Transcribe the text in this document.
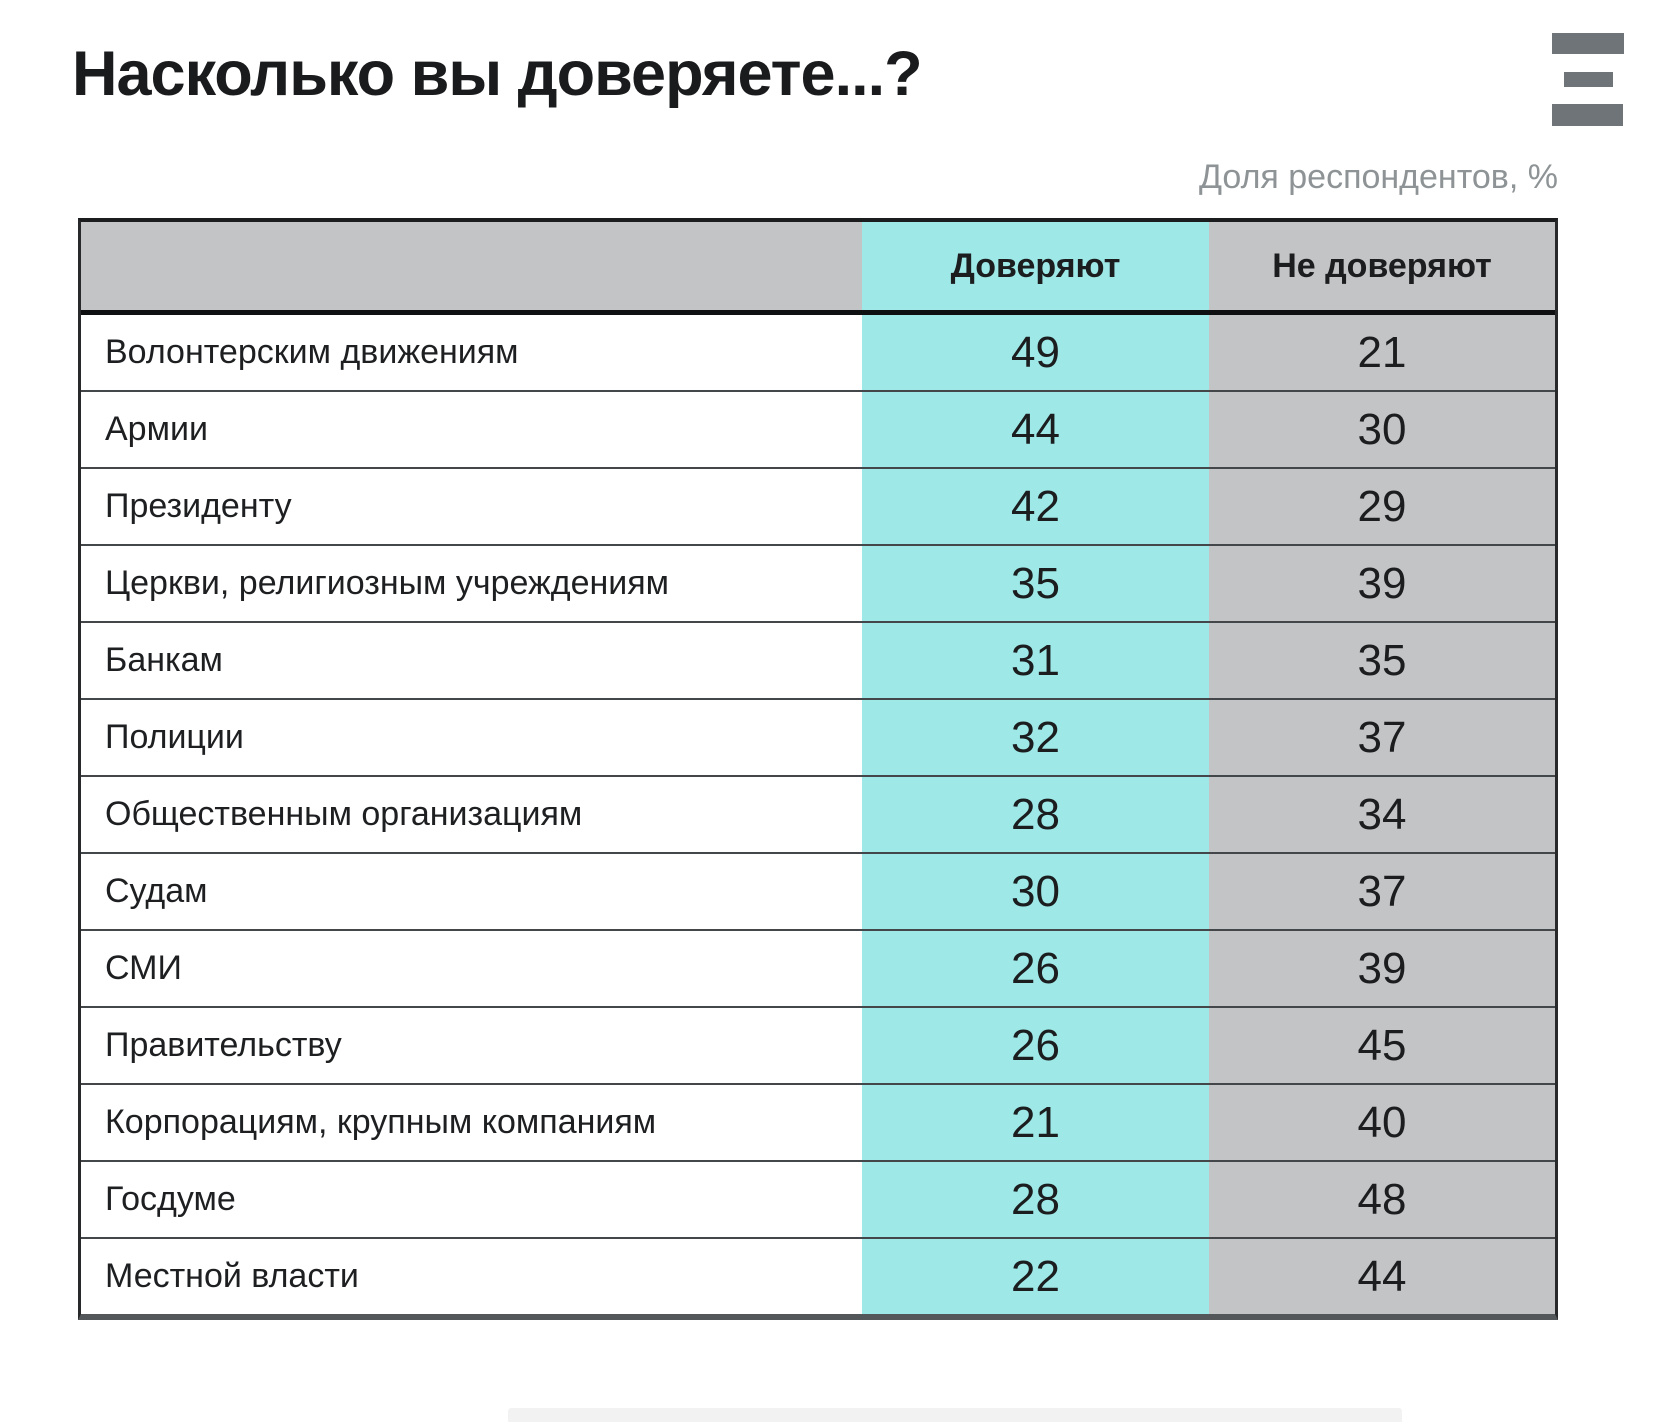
Насколько вы доверяете...?
Доля респондентов, %
Доверяют	Не доверяют
Волонтерским движениям	49	21
Армии	44	30
Президенту	42	29
Церкви, религиозным учреждениям	35	39
Банкам	31	35
Полиции	32	37
Общественным организациям	28	34
Судам	30	37
СМИ	26	39
Правительству	26	45
Корпорациям, крупным компаниям	21	40
Госдуме	28	48
Местной власти	22	44
